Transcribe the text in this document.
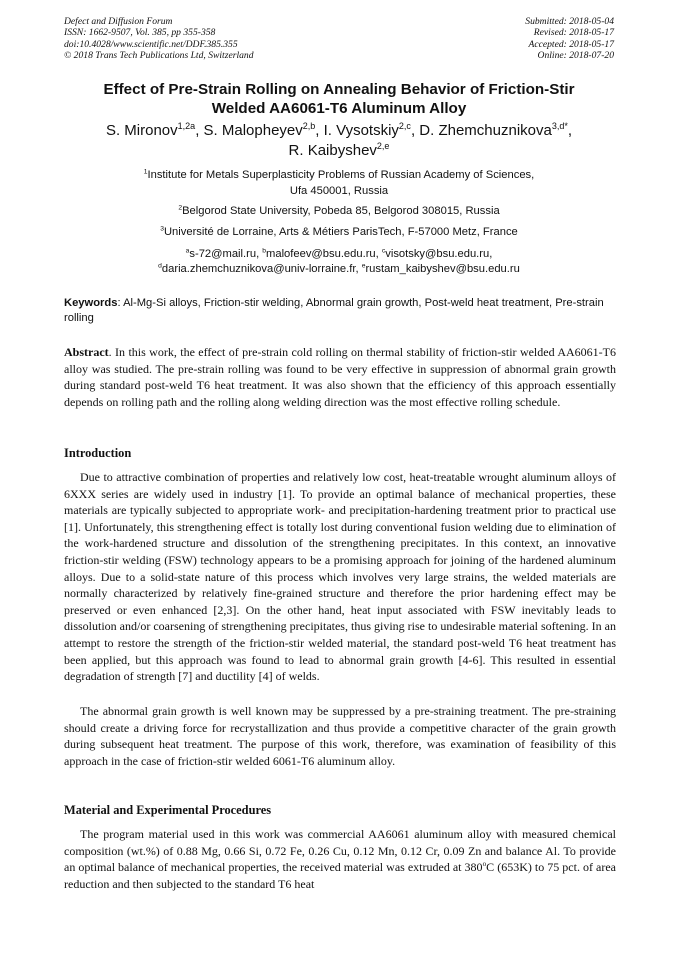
Defect and Diffusion Forum
ISSN: 1662-9507, Vol. 385, pp 355-358
doi:10.4028/www.scientific.net/DDF.385.355
© 2018 Trans Tech Publications Ltd, Switzerland
Submitted: 2018-05-04
Revised: 2018-05-17
Accepted: 2018-05-17
Online: 2018-07-20
Effect of Pre-Strain Rolling on Annealing Behavior of Friction-Stir
Welded AA6061-T6 Aluminum Alloy
S. Mironov$^{1,2a}$, S. Malopheyev$^{2,b}$, I. Vysotskiy$^{2,c}$, D. Zhemchuznikova$^{3,d*}$,
R. Kaibyshev$^{2,e}$
$^1$Institute for Metals Superplasticity Problems of Russian Academy of Sciences,
Ufa 450001, Russia
$^2$Belgorod State University, Pobeda 85, Belgorod 308015, Russia
$^3$Université de Lorraine, Arts & Métiers ParisTech, F-57000 Metz, France
$^a$s-72@mail.ru, $^b$malofeev@bsu.edu.ru, $^c$visotsky@bsu.edu.ru,
$^d$daria.zhemchuznikova@univ-lorraine.fr, $^e$rustam_kaibyshev@bsu.edu.ru
Keywords: Al-Mg-Si alloys, Friction-stir welding, Abnormal grain growth, Post-weld heat treatment, Pre-strain rolling
Abstract. In this work, the effect of pre-strain cold rolling on thermal stability of friction-stir welded AA6061-T6 alloy was studied. The pre-strain rolling was found to be very effective in suppression of abnormal grain growth during standard post-weld T6 heat treatment. It was also shown that the efficiency of this approach essentially depends on rolling path and the rolling along welding direction was the most effective rolling schedule.
Introduction
Due to attractive combination of properties and relatively low cost, heat-treatable wrought aluminum alloys of 6XXX series are widely used in industry [1]. To provide an optimal balance of mechanical properties, these materials are typically subjected to appropriate work- and precipitation-hardening treatment prior to practical use [1]. Unfortunately, this strengthening effect is totally lost during conventional fusion welding due to elimination of the work-hardened structure and dissolution of the strengthening precipitates. In this context, an innovative friction-stir welding (FSW) technology appears to be a promising approach for joining of the hardened aluminum alloys. Due to a solid-state nature of this process which involves very large strains, the welded materials are normally characterized by relatively fine-grained structure and therefore the prior hardening effect may be preserved or even enhanced [2,3]. On the other hand, heat input associated with FSW inevitably leads to dissolution and/or coarsening of strengthening precipitates, thus giving rise to undesirable material softening. In an attempt to restore the strength of the friction-stir welded material, the standard post-weld T6 heat treatment has been applied, but this approach was found to lead to abnormal grain growth [4-6]. This resulted in essential degradation of strength [7] and ductility [4] of welds.
The abnormal grain growth is well known may be suppressed by a pre-straining treatment. The pre-straining should create a driving force for recrystallization and thus provide a competitive character of the grain growth during subsequent heat treatment. The purpose of this work, therefore, was examination of feasibility of this approach in the case of friction-stir welded 6061-T6 aluminum alloy.
Material and Experimental Procedures
The program material used in this work was commercial AA6061 aluminum alloy with measured chemical composition (wt.%) of 0.88 Mg, 0.66 Si, 0.72 Fe, 0.26 Cu, 0.12 Mn, 0.12 Cr, 0.09 Zn and balance Al. To provide an optimal balance of mechanical properties, the received material was extruded at 380$^o$C (653K) to 75 pct. of area reduction and then subjected to the standard T6 heat
